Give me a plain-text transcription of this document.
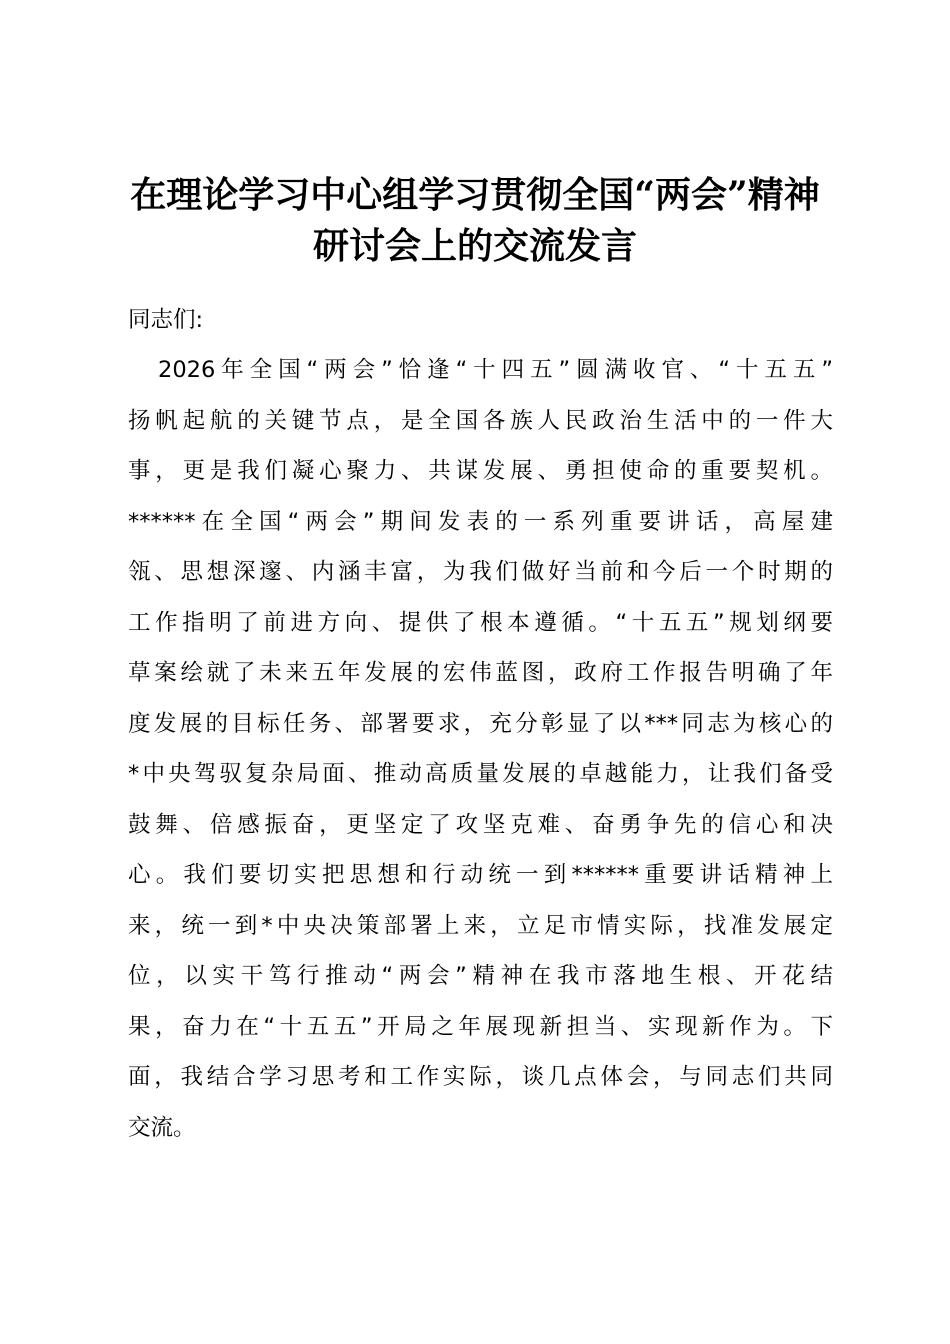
在理论学习中心组学习贯彻全国“两会”精神
研讨会上的交流发言
同志们:
2026年全国“两会”恰逢“十四五”圆满收官、“十五五”
扬帆起航的关键节点，是全国各族人民政治生活中的一件大
事，更是我们凝心聚力、共谋发展、勇担使命的重要契机。
******在全国“两会”期间发表的一系列重要讲话，高屋建
瓴、思想深邃、内涵丰富，为我们做好当前和今后一个时期的
工作指明了前进方向、提供了根本遵循。“十五五”规划纲要
草案绘就了未来五年发展的宏伟蓝图，政府工作报告明确了年
度发展的目标任务、部署要求，充分彰显了以***同志为核心的
*中央驾驭复杂局面、推动高质量发展的卓越能力，让我们备受
鼓舞、倍感振奋，更坚定了攻坚克难、奋勇争先的信心和决
心。我们要切实把思想和行动统一到******重要讲话精神上
来，统一到*中央决策部署上来，立足市情实际，找准发展定
位，以实干笃行推动“两会”精神在我市落地生根、开花结
果，奋力在“十五五”开局之年展现新担当、实现新作为。下
面，我结合学习思考和工作实际，谈几点体会，与同志们共同
交流。
